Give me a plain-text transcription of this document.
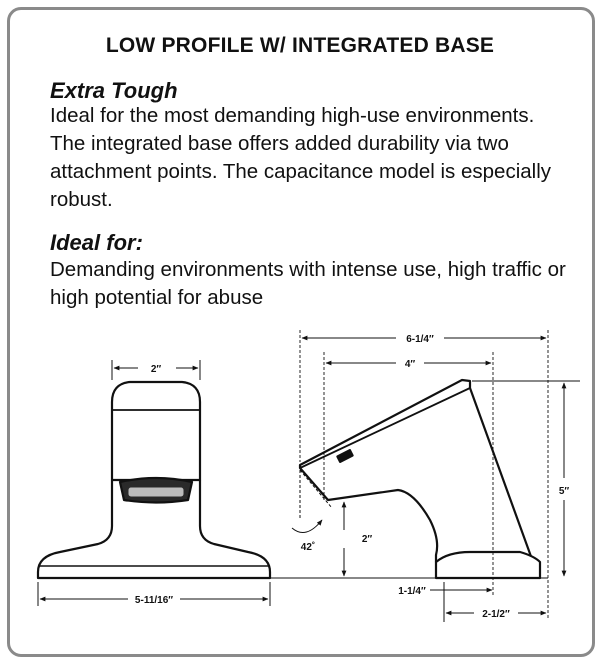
LOW PROFILE W/ INTEGRATED BASE
Extra Tough

Ideal for the most demanding high-use environments. The integrated base offers added durability via two attachment points. The capacitance model is especially robust.

Ideal for:

Demanding environments with intense use, high traffic or high potential for abuse

2″
5-11/16″
6-1/4″
4″
5″
2″
42˚
1-1/4″
2-1/2″
